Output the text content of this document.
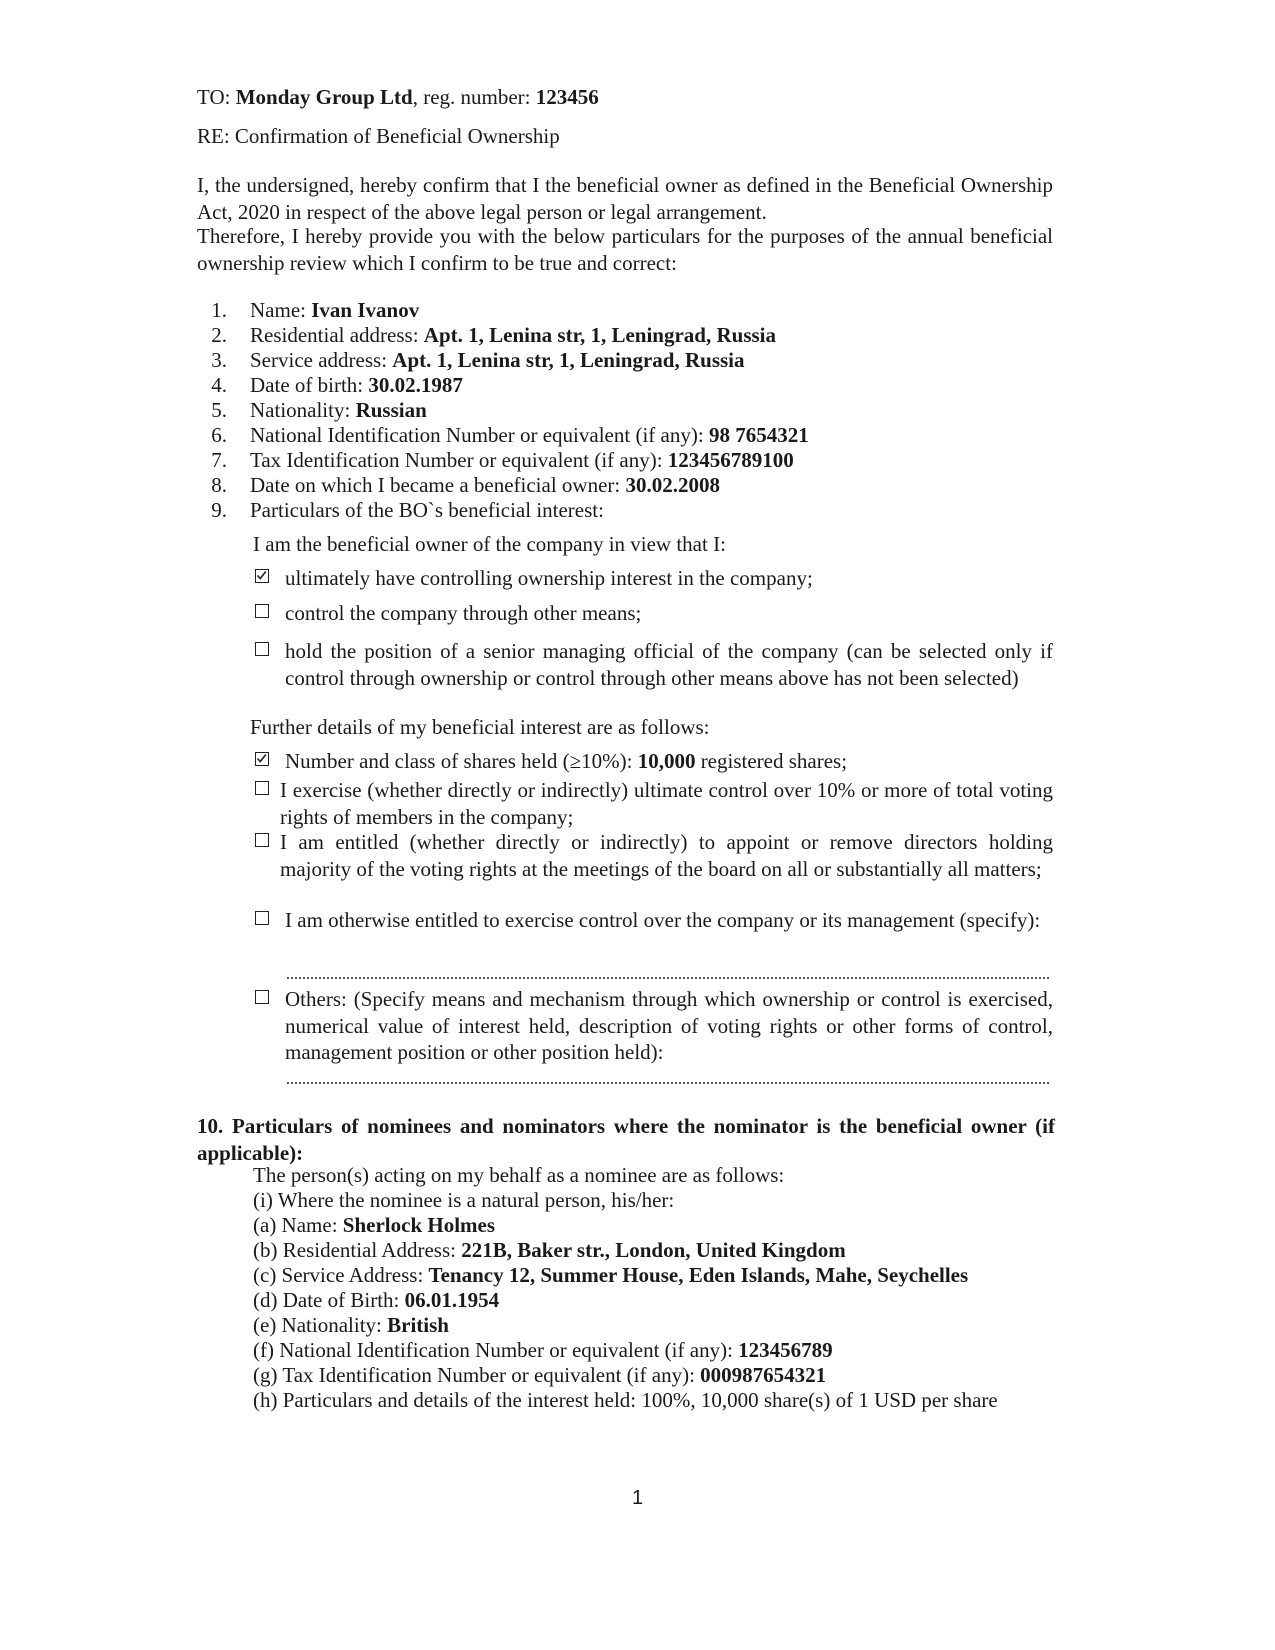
TO: Monday Group Ltd, reg. number: 123456
RE: Confirmation of Beneficial Ownership
I, the undersigned, hereby confirm that I the beneficial owner as defined in the Beneficial Ownership Act, 2020 in respect of the above legal person or legal arrangement.
Therefore, I hereby provide you with the below particulars for the purposes of the annual beneficial ownership review which I confirm to be true and correct:
1. Name: Ivan Ivanov
2. Residential address: Apt. 1, Lenina str, 1, Leningrad, Russia
3. Service address: Apt. 1, Lenina str, 1, Leningrad, Russia
4. Date of birth: 30.02.1987
5. Nationality: Russian
6. National Identification Number or equivalent (if any): 98 7654321
7. Tax Identification Number or equivalent (if any): 123456789100
8. Date on which I became a beneficial owner: 30.02.2008
9. Particulars of the BO`s beneficial interest:
I am the beneficial owner of the company in view that I:
ultimately have controlling ownership interest in the company;
control the company through other means;
hold the position of a senior managing official of the company (can be selected only if control through ownership or control through other means above has not been selected)
Further details of my beneficial interest are as follows:
Number and class of shares held (≥10%): 10,000 registered shares;
I exercise (whether directly or indirectly) ultimate control over 10% or more of total voting rights of members in the company;
I am entitled (whether directly or indirectly) to appoint or remove directors holding majority of the voting rights at the meetings of the board on all or substantially all matters;
I am otherwise entitled to exercise control over the company or its management (specify):
Others: (Specify means and mechanism through which ownership or control is exercised, numerical value of interest held, description of voting rights or other forms of control, management position or other position held):
10. Particulars of nominees and nominators where the nominator is the beneficial owner (if applicable):
The person(s) acting on my behalf as a nominee are as follows:
(i) Where the nominee is a natural person, his/her:
(a) Name: Sherlock Holmes
(b) Residential Address: 221B, Baker str., London, United Kingdom
(c) Service Address: Tenancy 12, Summer House, Eden Islands, Mahe, Seychelles
(d) Date of Birth: 06.01.1954
(e) Nationality: British
(f) National Identification Number or equivalent (if any): 123456789
(g) Tax Identification Number or equivalent (if any): 000987654321
(h) Particulars and details of the interest held: 100%, 10,000 share(s) of 1 USD per share
1
